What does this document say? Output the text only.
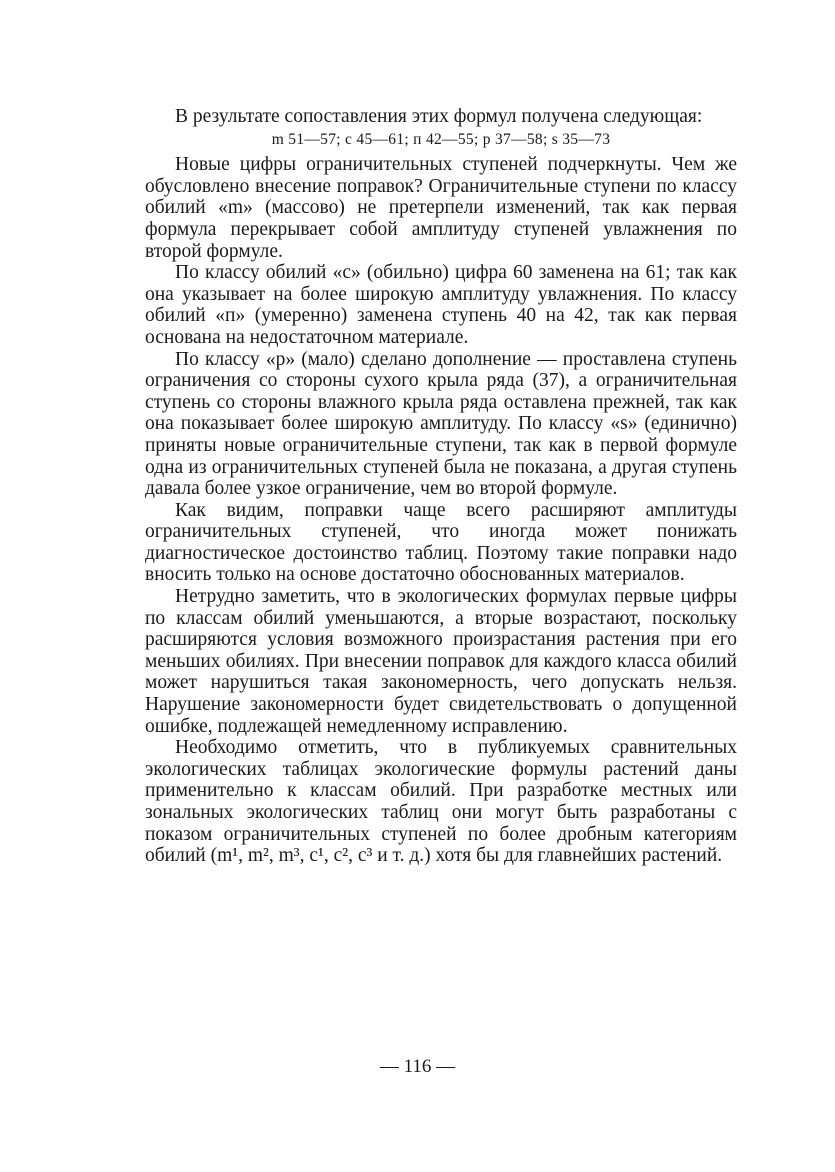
В результате сопоставления этих формул получена следующая:

m 51—57; c 45—61; п 42—55; р 37—58; s 35—73

Новые цифры ограничительных ступеней подчеркнуты. Чем же обусловлено внесение поправок? Ограничительные ступени по классу обилий «m» (массово) не претерпели изменений, так как первая формула перекрывает собой амплитуду ступеней увлажнения по второй формуле.

По классу обилий «с» (обильно) цифра 60 заменена на 61; так как она указывает на более широкую амплитуду увлажнения. По классу обилий «п» (умеренно) заменена ступень 40 на 42, так как первая основана на недостаточном материале.

По классу «р» (мало) сделано дополнение — проставлена ступень ограничения со стороны сухого крыла ряда (37), а ограничительная ступень со стороны влажного крыла ряда оставлена прежней, так как она показывает более широкую амплитуду. По классу «s» (единично) приняты новые ограничительные ступени, так как в первой формуле одна из ограничительных ступеней была не показана, а другая ступень давала более узкое ограничение, чем во второй формуле.

Как видим, поправки чаще всего расширяют амплитуды ограничительных ступеней, что иногда может понижать диагностическое достоинство таблиц. Поэтому такие поправки надо вносить только на основе достаточно обоснованных материалов.

Нетрудно заметить, что в экологических формулах первые цифры по классам обилий уменьшаются, а вторые возрастают, поскольку расширяются условия возможного произрастания растения при его меньших обилиях. При внесении поправок для каждого класса обилий может нарушиться такая закономерность, чего допускать нельзя. Нарушение закономерности будет свидетельствовать о допущенной ошибке, подлежащей немедленному исправлению.

Необходимо отметить, что в публикуемых сравнительных экологических таблицах экологические формулы растений даны применительно к классам обилий. При разработке местных или зональных экологических таблиц они могут быть разработаны с показом ограничительных ступеней по более дробным категориям обилий (m¹, m², m³, c¹, c², c³ и т. д.) хотя бы для главнейших растений.

— 116 —
